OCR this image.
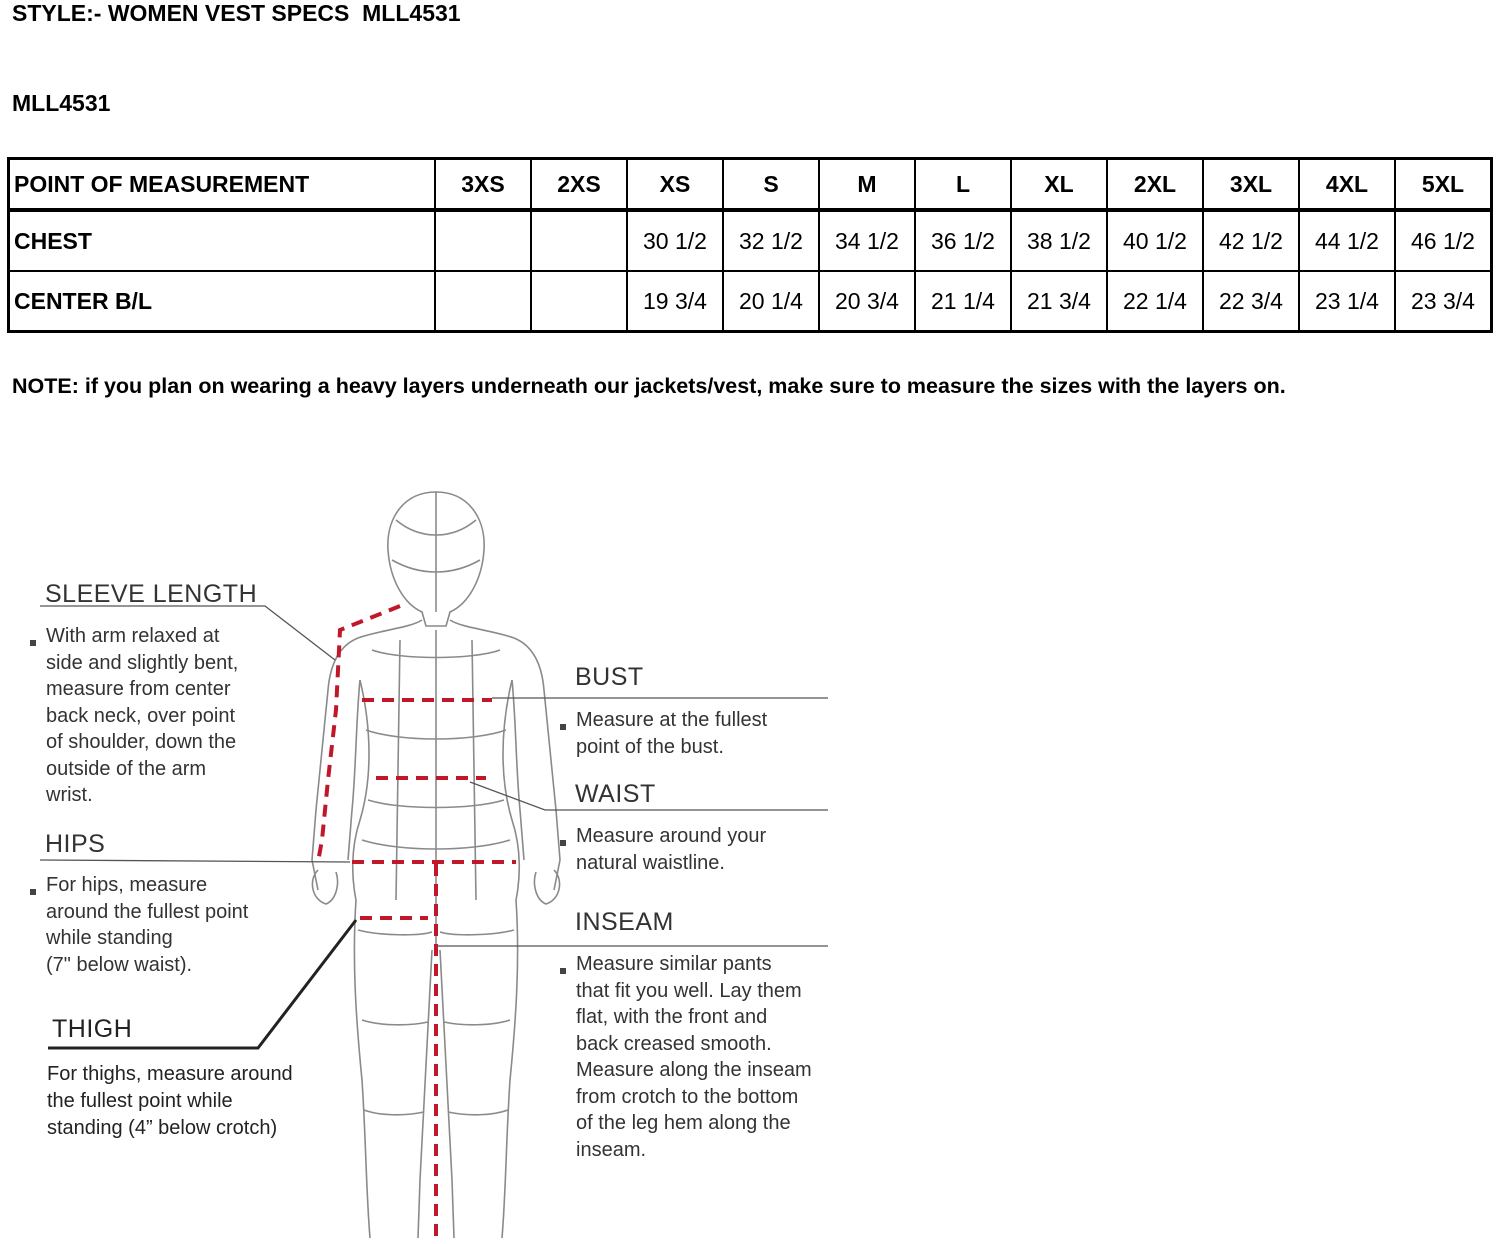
STYLE:- WOMEN VEST SPECS  MLL4531
MLL4531
POINT OF MEASUREMENT	3XS	2XS	XS	S	M	L	XL	2XL	3XL	4XL	5XL
CHEST			30 1/2	32 1/2	34 1/2	36 1/2	38 1/2	40 1/2	42 1/2	44 1/2	46 1/2
CENTER B/L			19 3/4	20 1/4	20 3/4	21 1/4	21 3/4	22 1/4	22 3/4	23 1/4	23 3/4
NOTE: if you plan on wearing a heavy layers underneath our jackets/vest, make sure to measure the sizes with the layers on.
SLEEVE LENGTH
With arm relaxed at
side and slightly bent,
measure from center
back neck, over point
of shoulder, down the
outside of the arm
wrist.
HIPS
For hips, measure
around the fullest point
while standing
(7" below waist).
THIGH
For thighs, measure around
the fullest point while
standing (4” below crotch)
BUST
Measure at the fullest
point of the bust.
WAIST
Measure around your
natural waistline.
INSEAM
Measure similar pants
that fit you well. Lay them
flat, with the front and
back creased smooth.
Measure along the inseam
from crotch to the bottom
of the leg hem along the
inseam.
